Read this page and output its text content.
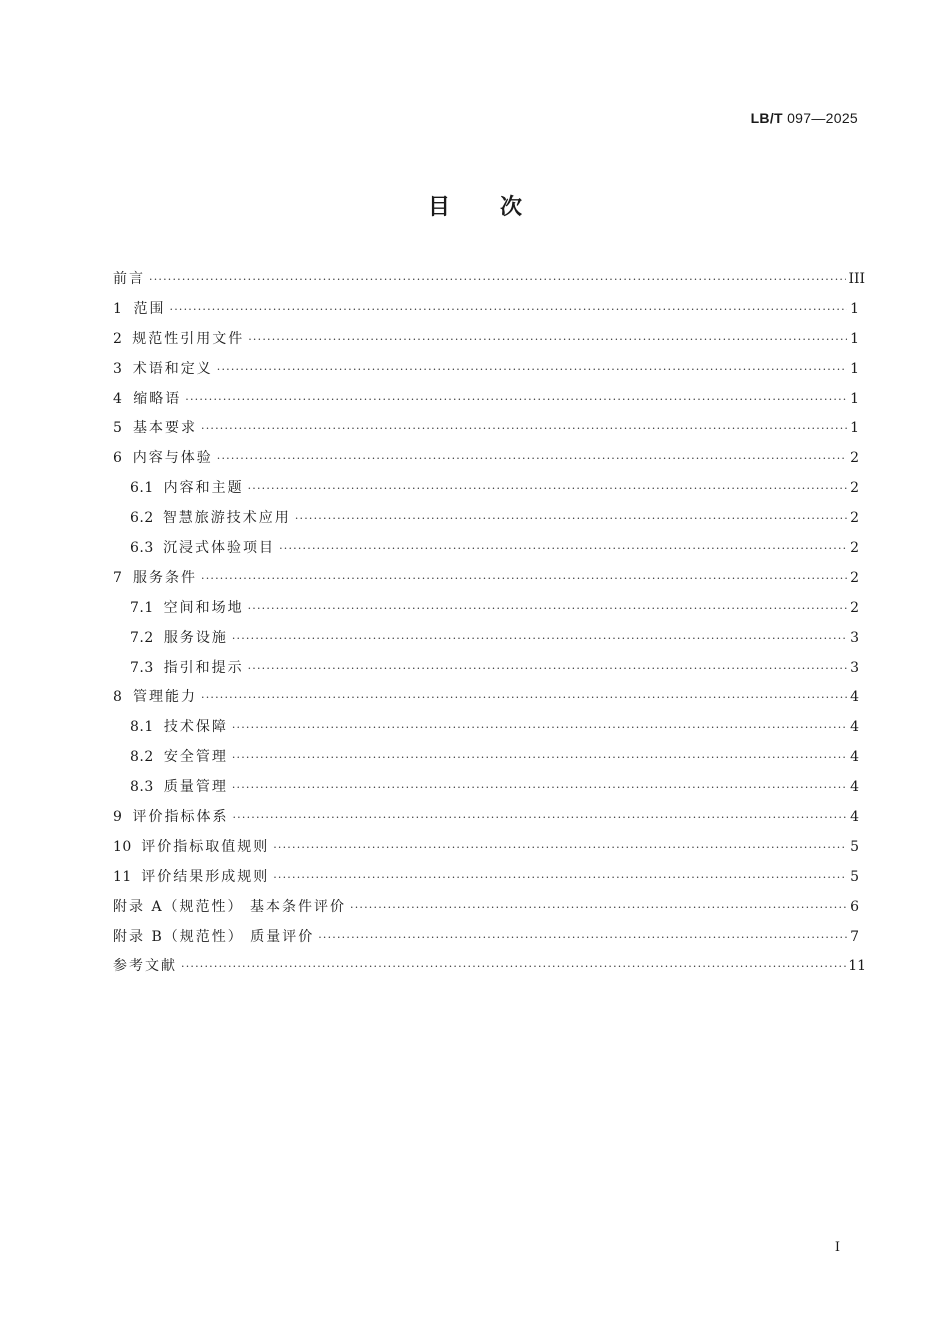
LB/T 097—2025
目次
前言 ·····	III
1 范围 ·····	1
2 规范性引用文件 ·····	1
3 术语和定义 ·····	1
4 缩略语 ·····	1
5 基本要求 ·····	1
6 内容与体验 ·····	2
6.1 内容和主题 ·····	2
6.2 智慧旅游技术应用 ·····	2
6.3 沉浸式体验项目 ·····	2
7 服务条件 ·····	2
7.1 空间和场地 ·····	2
7.2 服务设施 ·····	3
7.3 指引和提示 ·····	3
8 管理能力 ·····	4
8.1 技术保障 ·····	4
8.2 安全管理 ·····	4
8.3 质量管理 ·····	4
9 评价指标体系 ·····	4
10 评价指标取值规则 ·····	5
11 评价结果形成规则 ·····	5
附录 A（规范性） 基本条件评价 ·····	6
附录 B（规范性） 质量评价 ·····	7
参考文献 ·····	11
I
